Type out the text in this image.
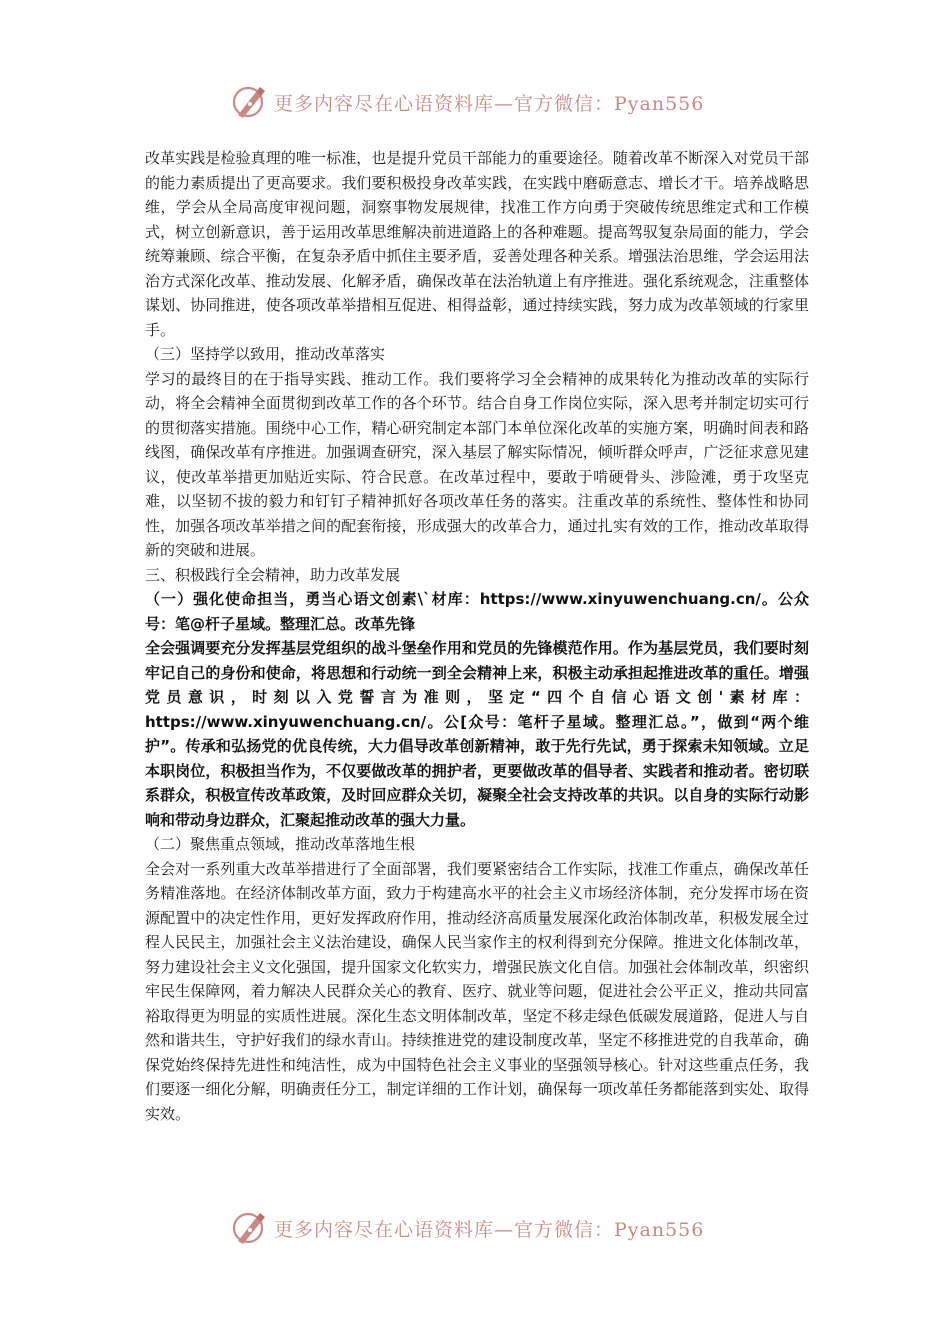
更多内容尽在心语资料库—官方微信：Pyan556

改革实践是检验真理的唯一标准，也是提升党员干部能力的重要途径。随着改革不断深入对党员干部的能力素质提出了更高要求。我们要积极投身改革实践，在实践中磨砺意志、增长才干。培养战略思维，学会从全局高度审视问题，洞察事物发展规律，找准工作方向勇于突破传统思维定式和工作模式，树立创新意识，善于运用改革思维解决前进道路上的各种难题。提高驾驭复杂局面的能力，学会统筹兼顾、综合平衡，在复杂矛盾中抓住主要矛盾，妥善处理各种关系。增强法治思维，学会运用法治方式深化改革、推动发展、化解矛盾，确保改革在法治轨道上有序推进。强化系统观念，注重整体谋划、协同推进，使各项改革举措相互促进、相得益彰，通过持续实践，努力成为改革领域的行家里手。

（三）坚持学以致用，推动改革落实

学习的最终目的在于指导实践、推动工作。我们要将学习全会精神的成果转化为推动改革的实际行动，将全会精神全面贯彻到改革工作的各个环节。结合自身工作岗位实际，深入思考并制定切实可行的贯彻落实措施。围绕中心工作，精心研究制定本部门本单位深化改革的实施方案，明确时间表和路线图，确保改革有序推进。加强调查研究，深入基层了解实际情况，倾听群众呼声，广泛征求意见建议，使改革举措更加贴近实际、符合民意。在改革过程中，要敢于啃硬骨头、涉险滩，勇于攻坚克难，以坚韧不拔的毅力和钉钉子精神抓好各项改革任务的落实。注重改革的系统性、整体性和协同性，加强各项改革举措之间的配套衔接，形成强大的改革合力，通过扎实有效的工作，推动改革取得新的突破和进展。

三、积极践行全会精神，助力改革发展

（一）强化使命担当，勇当心语文创素\`材库：https://www.xinyuwenchuang.cn/。公众号：笔@杆子星域。整理汇总。改革先锋

全会强调要充分发挥基层党组织的战斗堡垒作用和党员的先锋模范作用。作为基层党员，我们要时刻牢记自己的身份和使命，将思想和行动统一到全会精神上来，积极主动承担起推进改革的重任。增强党员意识，时刻以入党誓言为准则，坚定“四个自信心语文创'素材库：https://www.xinyuwenchuang.cn/。公[众号：笔杆子星域。整理汇总。”，做到“两个维护”。传承和弘扬党的优良传统，大力倡导改革创新精神，敢于先行先试，勇于探索未知领域。立足本职岗位，积极担当作为，不仅要做改革的拥护者，更要做改革的倡导者、实践者和推动者。密切联系群众，积极宣传改革政策，及时回应群众关切，凝聚全社会支持改革的共识。以自身的实际行动影响和带动身边群众，汇聚起推动改革的强大力量。

（二）聚焦重点领域，推动改革落地生根

全会对一系列重大改革举措进行了全面部署，我们要紧密结合工作实际，找准工作重点，确保改革任务精准落地。在经济体制改革方面，致力于构建高水平的社会主义市场经济体制，充分发挥市场在资源配置中的决定性作用，更好发挥政府作用，推动经济高质量发展深化政治体制改革，积极发展全过程人民民主，加强社会主义法治建设，确保人民当家作主的权利得到充分保障。推进文化体制改革，努力建设社会主义文化强国，提升国家文化软实力，增强民族文化自信。加强社会体制改革，织密织牢民生保障网，着力解决人民群众关心的教育、医疗、就业等问题，促进社会公平正义，推动共同富裕取得更为明显的实质性进展。深化生态文明体制改革，坚定不移走绿色低碳发展道路，促进人与自然和谐共生，守护好我们的绿水青山。持续推进党的建设制度改革，坚定不移推进党的自我革命，确保党始终保持先进性和纯洁性，成为中国特色社会主义事业的坚强领导核心。针对这些重点任务，我们要逐一细化分解，明确责任分工，制定详细的工作计划，确保每一项改革任务都能落到实处、取得实效。

更多内容尽在心语资料库—官方微信：Pyan556
